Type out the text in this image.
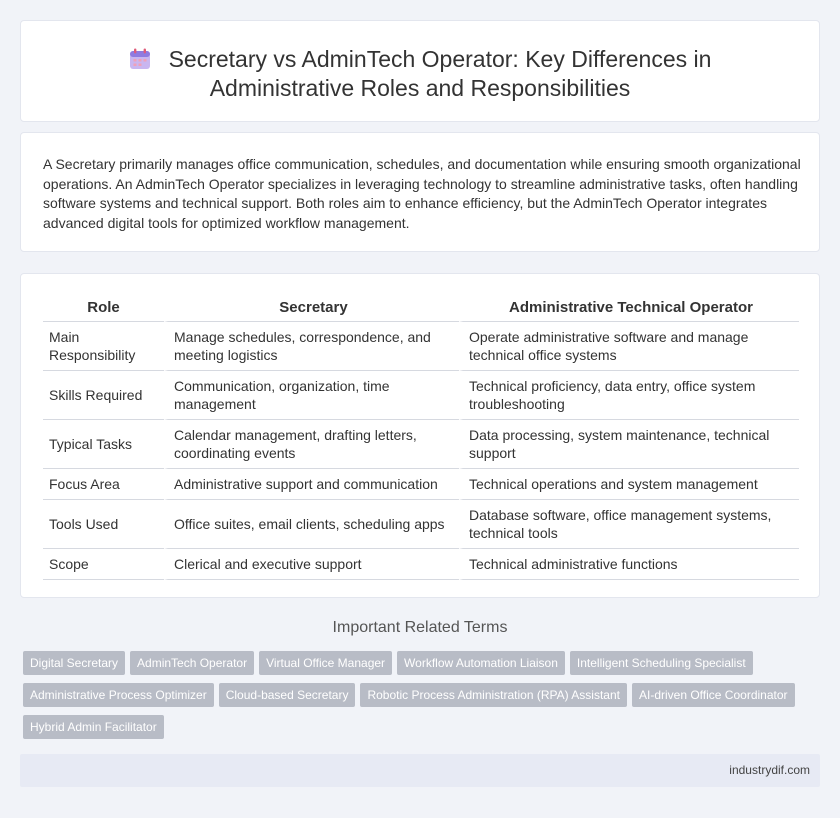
Secretary vs AdminTech Operator: Key Differences in
Administrative Roles and Responsibilities

A Secretary primarily manages office communication, schedules, and documentation while ensuring smooth organizational operations. An AdminTech Operator specializes in leveraging technology to streamline administrative tasks, often handling software systems and technical support. Both roles aim to enhance efficiency, but the AdminTech Operator integrates advanced digital tools for optimized workflow management.

Role	Secretary	Administrative Technical Operator
Main Responsibility	Manage schedules, correspondence, and meeting logistics	Operate administrative software and manage technical office systems
Skills Required	Communication, organization, time management	Technical proficiency, data entry, office system troubleshooting
Typical Tasks	Calendar management, drafting letters, coordinating events	Data processing, system maintenance, technical support
Focus Area	Administrative support and communication	Technical operations and system management
Tools Used	Office suites, email clients, scheduling apps	Database software, office management systems, technical tools
Scope	Clerical and executive support	Technical administrative functions
Important Related Terms
Digital Secretary AdminTech Operator Virtual Office Manager Workflow Automation Liaison Intelligent Scheduling Specialist
Administrative Process Optimizer Cloud-based Secretary Robotic Process Administration (RPA) Assistant AI-driven Office Coordinator
Hybrid Admin Facilitator
industrydif.com
